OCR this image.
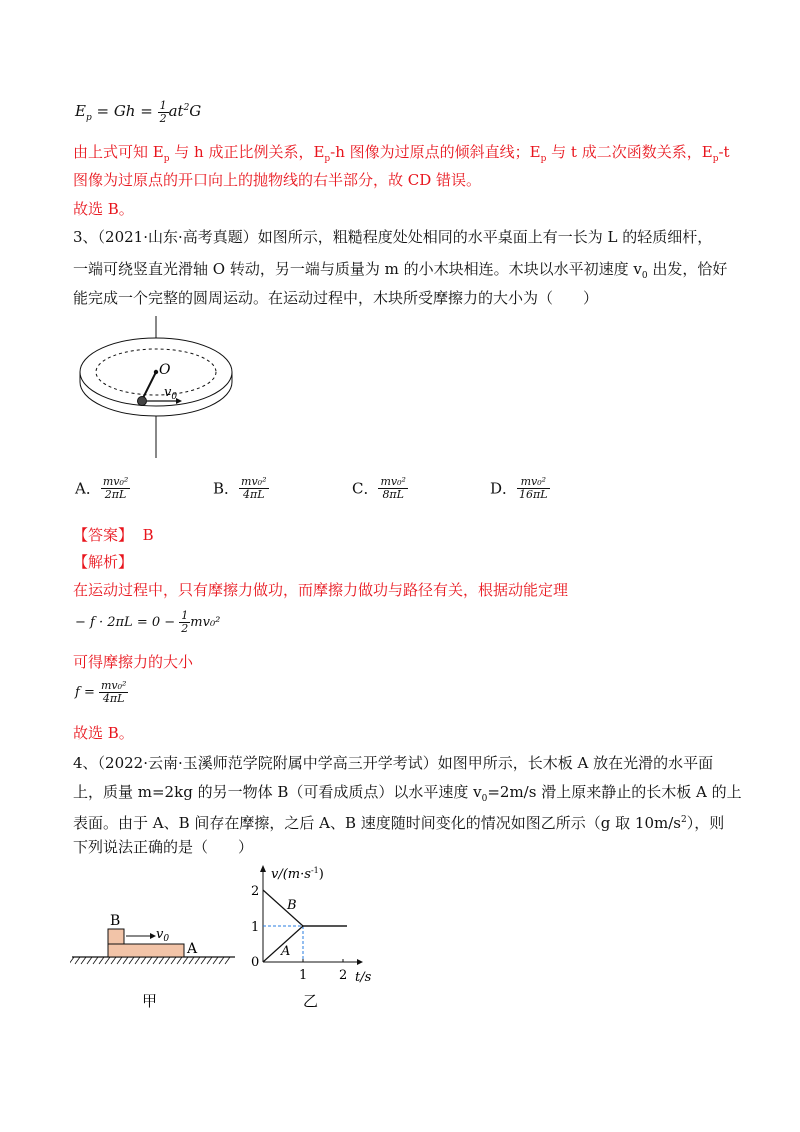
$E_p = Gh = \frac{1}{2} at^2G$
由上式可知 $E_p$ 与 h 成正比例关系，$E_p-h$ 图像为过原点的倾斜直线；$E_p$ 与 t 成二次函数关系，$E_p-t$
图像为过原点的开口向上的抛物线的右半部分，故 CD 错误。
故选 B。
3、（2021·山东·高考真题）如图所示，粗糙程度处处相同的水平桌面上有一长为 L 的轻质细杆，
一端可绕竖直光滑轴 O 转动，另一端与质量为 m 的小木块相连。木块以水平初速度 $v_0$ 出发，恰好
能完成一个完整的圆周运动。在运动过程中，木块所受摩擦力的大小为（　　）
O
$v_0$
A． $\frac{\text{mv₀²}}{2\pi L}$	B． $\frac{\text{mv₀²}}{4\pi L}$	C． $\frac{\text{mv₀²}}{8\pi L}$	D． $\frac{\text{mv₀²}}{16\pi L}$
【答案】 B
【解析】
在运动过程中，只有摩擦力做功，而摩擦力做功与路径有关，根据动能定理
− $f \cdot 2\pi L = 0 - \frac{1}{2} mv_0^2$
可得摩擦力的大小
$f = \frac{\text{mv₀²}}{4\pi L}$
故选 B。
4、（2022·云南·玉溪师范学院附属中学高三开学考试）如图甲所示，长木板 A 放在光滑的水平面
上，质量 m=2kg 的另一物体 B（可看成质点）以水平速度 $v_0=2m/s$ 滑上原来静止的长木板 A 的上
表面。由于 A、B 间存在摩擦，之后 A、B 速度随时间变化的情况如图乙所示（g 取 $10m/s^2$），则
下列说法正确的是（　　）
B
A
$v_0$
甲
2
1
0
1 2
$v/(m\cdot s^{-1})$
t/s
B
A
乙
